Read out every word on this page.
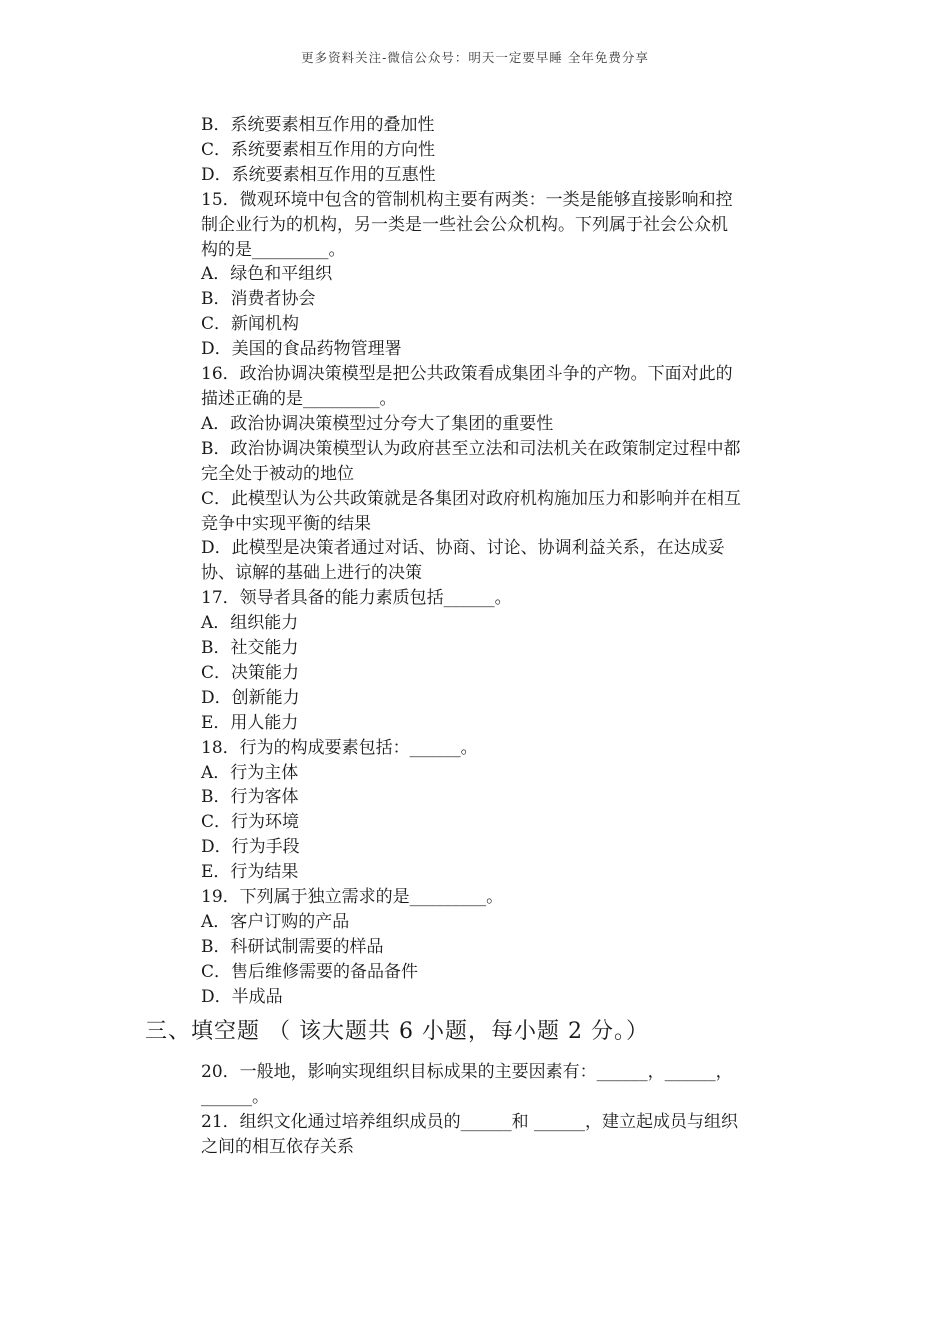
更多资料关注-微信公众号：明天一定要早睡 全年免费分享
B．系统要素相互作用的叠加性
C．系统要素相互作用的方向性
D．系统要素相互作用的互惠性
15．微观环境中包含的管制机构主要有两类：一类是能够直接影响和控
制企业行为的机构，另一类是一些社会公众机构。下列属于社会公众机
构的是_________。
A．绿色和平组织
B．消费者协会
C．新闻机构
D．美国的食品药物管理署
16．政治协调决策模型是把公共政策看成集团斗争的产物。下面对此的
描述正确的是_________。
A．政治协调决策模型过分夸大了集团的重要性
B．政治协调决策模型认为政府甚至立法和司法机关在政策制定过程中都
完全处于被动的地位
C．此模型认为公共政策就是各集团对政府机构施加压力和影响并在相互
竞争中实现平衡的结果
D．此模型是决策者通过对话、协商、讨论、协调利益关系，在达成妥
协、谅解的基础上进行的决策
17．领导者具备的能力素质包括______。
A．组织能力
B．社交能力
C．决策能力
D．创新能力
E．用人能力
18．行为的构成要素包括：______。
A．行为主体
B．行为客体
C．行为环境
D．行为手段
E．行为结果
19．下列属于独立需求的是_________。
A．客户订购的产品
B．科研试制需要的样品
C．售后维修需要的备品备件
D．半成品
三、填空题 （ 该大题共 6 小题，每小题 2 分。）
20．一般地，影响实现组织目标成果的主要因素有：______，______，
______。
21．组织文化通过培养组织成员的______和 ______，建立起成员与组织
之间的相互依存关系
